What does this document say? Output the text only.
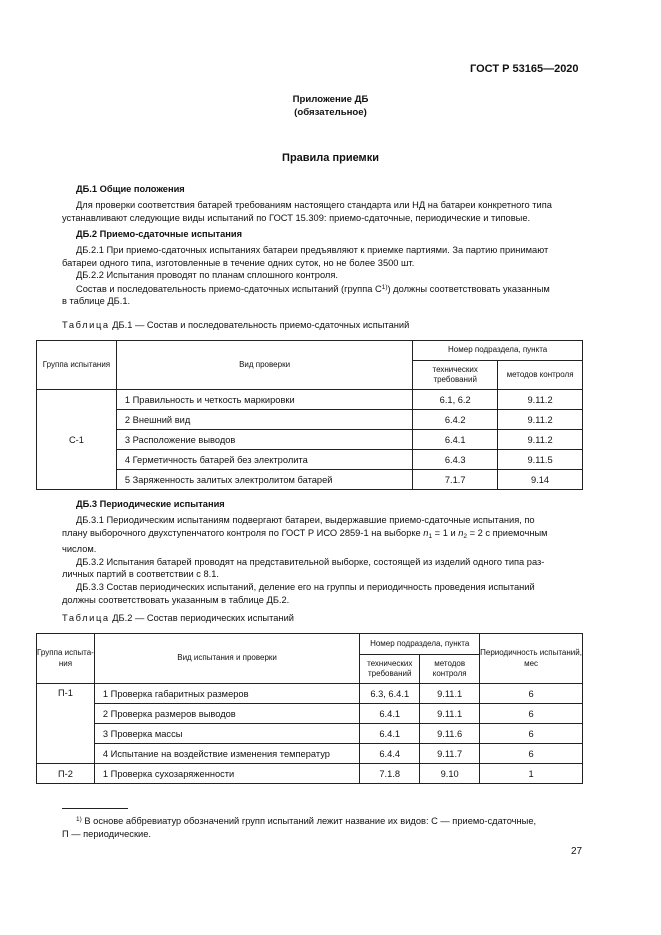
ГОСТ Р 53165—2020
Приложение ДБ
(обязательное)
Правила приемки
ДБ.1 Общие положения
Для проверки соответствия батарей требованиям настоящего стандарта или НД на батареи конкретного типа
устанавливают следующие виды испытаний по ГОСТ 15.309: приемо-сдаточные, периодические и типовые.
ДБ.2 Приемо-сдаточные испытания
ДБ.2.1 При приемо-сдаточных испытаниях батареи предъявляют к приемке партиями. За партию принимают
батареи одного типа, изготовленные в течение одних суток, но не более 3500 шт.
ДБ.2.2 Испытания проводят по планам сплошного контроля.
Состав и последовательность приемо-сдаточных испытаний (группа $С^{1)}$) должны соответствовать указанным
в таблице ДБ.1.
Таблица ДБ.1 — Состав и последовательность приемо-сдаточных испытаний
Группа испытания	Вид проверки	Номер подраздела, пункта	
		технических требований	методов контроля
С-1	1 Правильность и четкость маркировки	6.1, 6.2	9.11.2
	2 Внешний вид	6.4.2	9.11.2
	3 Расположение выводов	6.4.1	9.11.2
	4 Герметичность батарей без электролита	6.4.3	9.11.5
	5 Заряженность залитых электролитом батарей	7.1.7	9.14
ДБ.3 Периодические испытания
ДБ.3.1 Периодическим испытаниям подвергают батареи, выдержавшие приемо-сдаточные испытания, по
плану выборочного двухступенчатого контроля по ГОСТ Р ИСО 2859-1 на выборке $n_1 = 1$ и $n_2 = 2$ с приемочным
числом.
ДБ.3.2 Испытания батарей проводят на представительной выборке, состоящей из изделий одного типа раз-
личных партий в соответствии с 8.1.
ДБ.3.3 Состав периодических испытаний, деление его на группы и периодичность проведения испытаний
должны соответствовать указанным в таблице ДБ.2.
Таблица ДБ.2 — Состав периодических испытаний
Группа испыта-ния	Вид испытания и проверки	Номер подраздела, пункта		Периодичность испытаний, мес
		технических требований	методов контроля	
П-1	1 Проверка габаритных размеров	6.3, 6.4.1	9.11.1	6
	2 Проверка размеров выводов	6.4.1	9.11.1	6
	3 Проверка массы	6.4.1	9.11.6	6
	4 Испытание на воздействие изменения температур	6.4.4	9.11.7	6
П-2	1 Проверка сухозаряженности	7.1.8	9.10	1
$^{1)}$ В основе аббревиатур обозначений групп испытаний лежит название их видов: С — приемо-сдаточные,
П — периодические.
27
